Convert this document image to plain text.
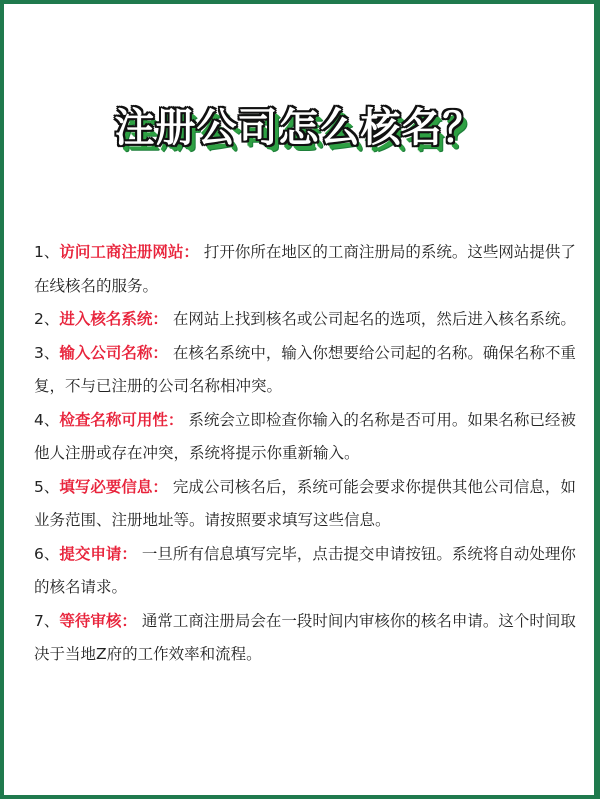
注册公司怎么核名？
1、访问工商注册网站： 打开你所在地区的工商注册局的系统。这些网站提供了在线核名的服务。
2、进入核名系统： 在网站上找到核名或公司起名的选项，然后进入核名系统。
3、输入公司名称： 在核名系统中，输入你想要给公司起的名称。确保名称不重复，不与已注册的公司名称相冲突。
4、检查名称可用性： 系统会立即检查你输入的名称是否可用。如果名称已经被他人注册或存在冲突，系统将提示你重新输入。
5、填写必要信息： 完成公司核名后，系统可能会要求你提供其他公司信息，如业务范围、注册地址等。请按照要求填写这些信息。
6、提交申请： 一旦所有信息填写完毕，点击提交申请按钮。系统将自动处理你的核名请求。
7、等待审核： 通常工商注册局会在一段时间内审核你的核名申请。这个时间取决于当地Z府的工作效率和流程。
